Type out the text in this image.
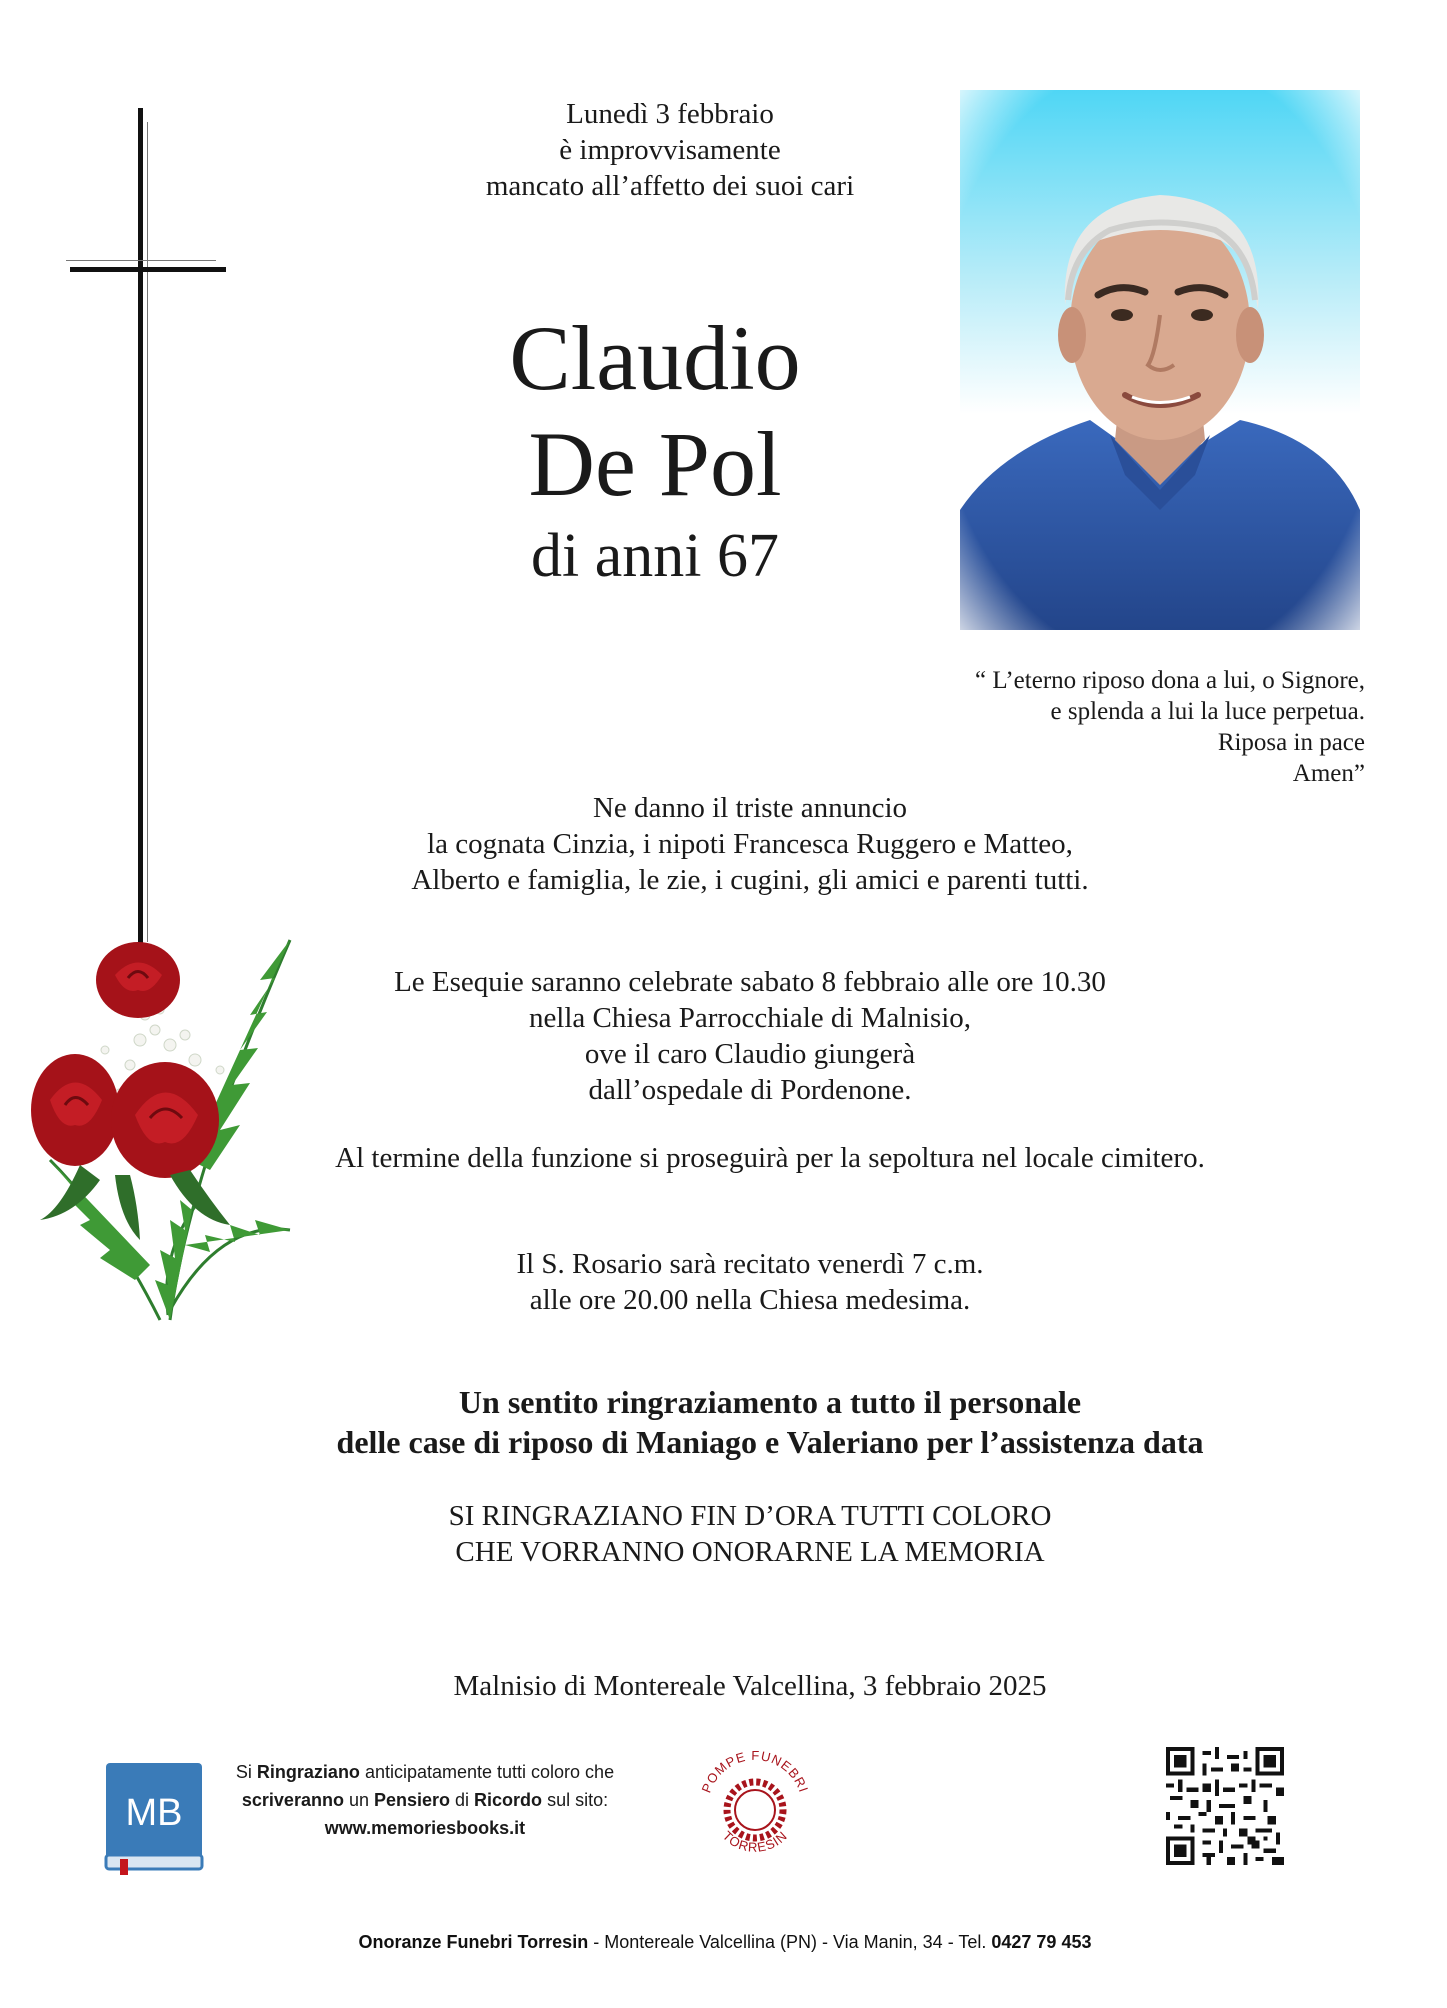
Lunedì 3 febbraio
è improvvisamente
mancato all’affetto dei suoi cari
Claudio
De Pol
di anni 67
“ L’eterno riposo dona a lui, o Signore,
e splenda a lui la luce perpetua.
Riposa in pace
Amen”
Ne danno il triste annuncio
la cognata Cinzia, i nipoti Francesca Ruggero e Matteo,
Alberto e famiglia, le zie, i cugini, gli amici e parenti tutti.
Le Esequie saranno celebrate sabato 8 febbraio alle ore 10.30
nella Chiesa Parrocchiale di Malnisio,
ove il caro Claudio giungerà
dall’ospedale di Pordenone.
Al termine della funzione si proseguirà per la sepoltura nel locale cimitero.
Il S. Rosario sarà recitato venerdì 7 c.m.
alle ore 20.00 nella Chiesa medesima.
Un sentito ringraziamento a tutto il personale
delle case di riposo di Maniago e Valeriano per l’assistenza data
SI RINGRAZIANO FIN D’ORA TUTTI COLORO
CHE VORRANNO ONORARNE LA MEMORIA
Malnisio di Montereale Valcellina, 3 febbraio 2025
MB
Si Ringraziano anticipatamente tutti coloro che
scriveranno un Pensiero di Ricordo sul sito:
www.memoriesbooks.it
POMPE FUNEBRI
TORRESIN
Onoranze Funebri Torresin - Montereale Valcellina (PN) - Via Manin, 34 - Tel. 0427 79 453
